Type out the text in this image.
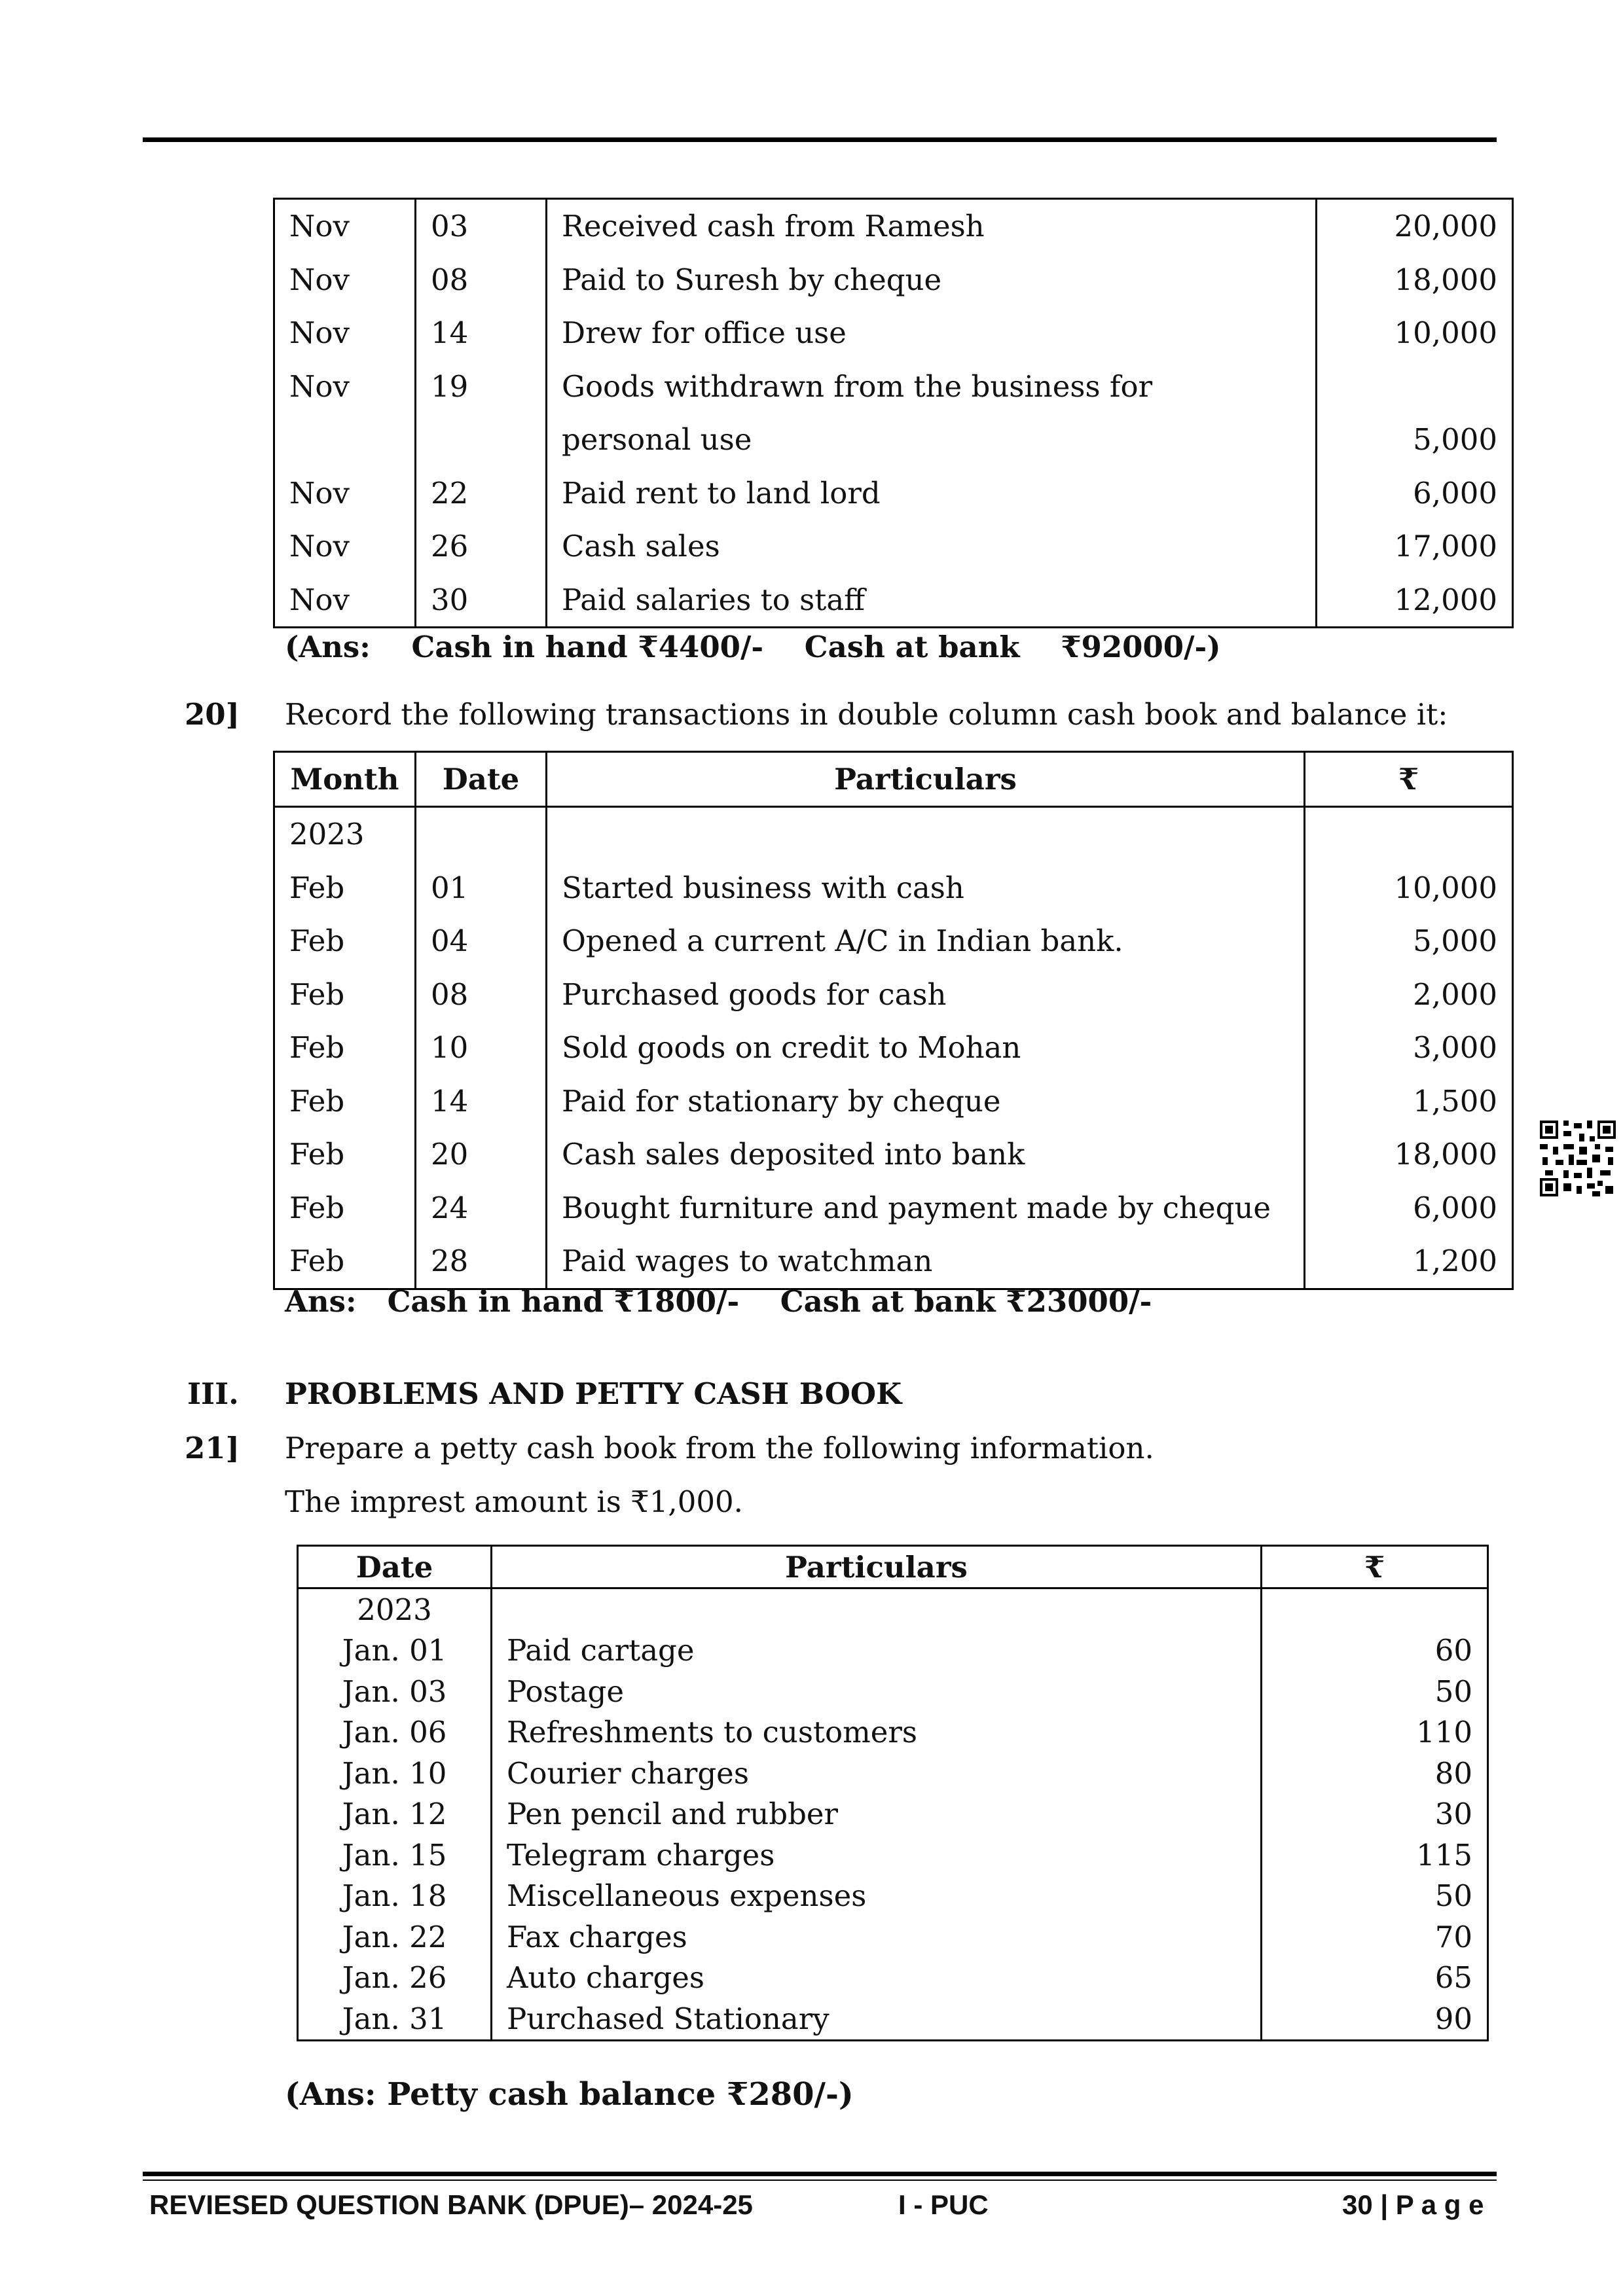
Nov	03	Received cash from Ramesh	20,000
Nov	08	Paid to Suresh by cheque	18,000
Nov	14	Drew for office use	10,000
Nov	19	Goods withdrawn from the business for	
		personal use	5,000
Nov	22	Paid rent to land lord	6,000
Nov	26	Cash sales	17,000
Nov	30	Paid salaries to staff	12,000
(Ans:    Cash in hand ₹4400/-    Cash at bank    ₹92000/-)
20] Record the following transactions in double column cash book and balance it:
Month	Date	Particulars	₹
2023			
Feb	01	Started business with cash	10,000
Feb	04	Opened a current A/C in Indian bank.	5,000
Feb	08	Purchased goods for cash	2,000
Feb	10	Sold goods on credit to Mohan	3,000
Feb	14	Paid for stationary by cheque	1,500
Feb	20	Cash sales deposited into bank	18,000
Feb	24	Bought furniture and payment made by cheque	6,000
Feb	28	Paid wages to watchman	1,200
Ans:   Cash in hand ₹1800/-    Cash at bank ₹23000/-
III. PROBLEMS AND PETTY CASH BOOK
21] Prepare a petty cash book from the following information.
The imprest amount is ₹1,000.
Date	Particulars	₹
2023		
Jan. 01	Paid cartage	60
Jan. 03	Postage	50
Jan. 06	Refreshments to customers	110
Jan. 10	Courier charges	80
Jan. 12	Pen pencil and rubber	30
Jan. 15	Telegram charges	115
Jan. 18	Miscellaneous expenses	50
Jan. 22	Fax charges	70
Jan. 26	Auto charges	65
Jan. 31	Purchased Stationary	90
(Ans: Petty cash balance ₹280/-)
REVIESED QUESTION BANK (DPUE)– 2024-25	I - PUC	30 | P a g e
